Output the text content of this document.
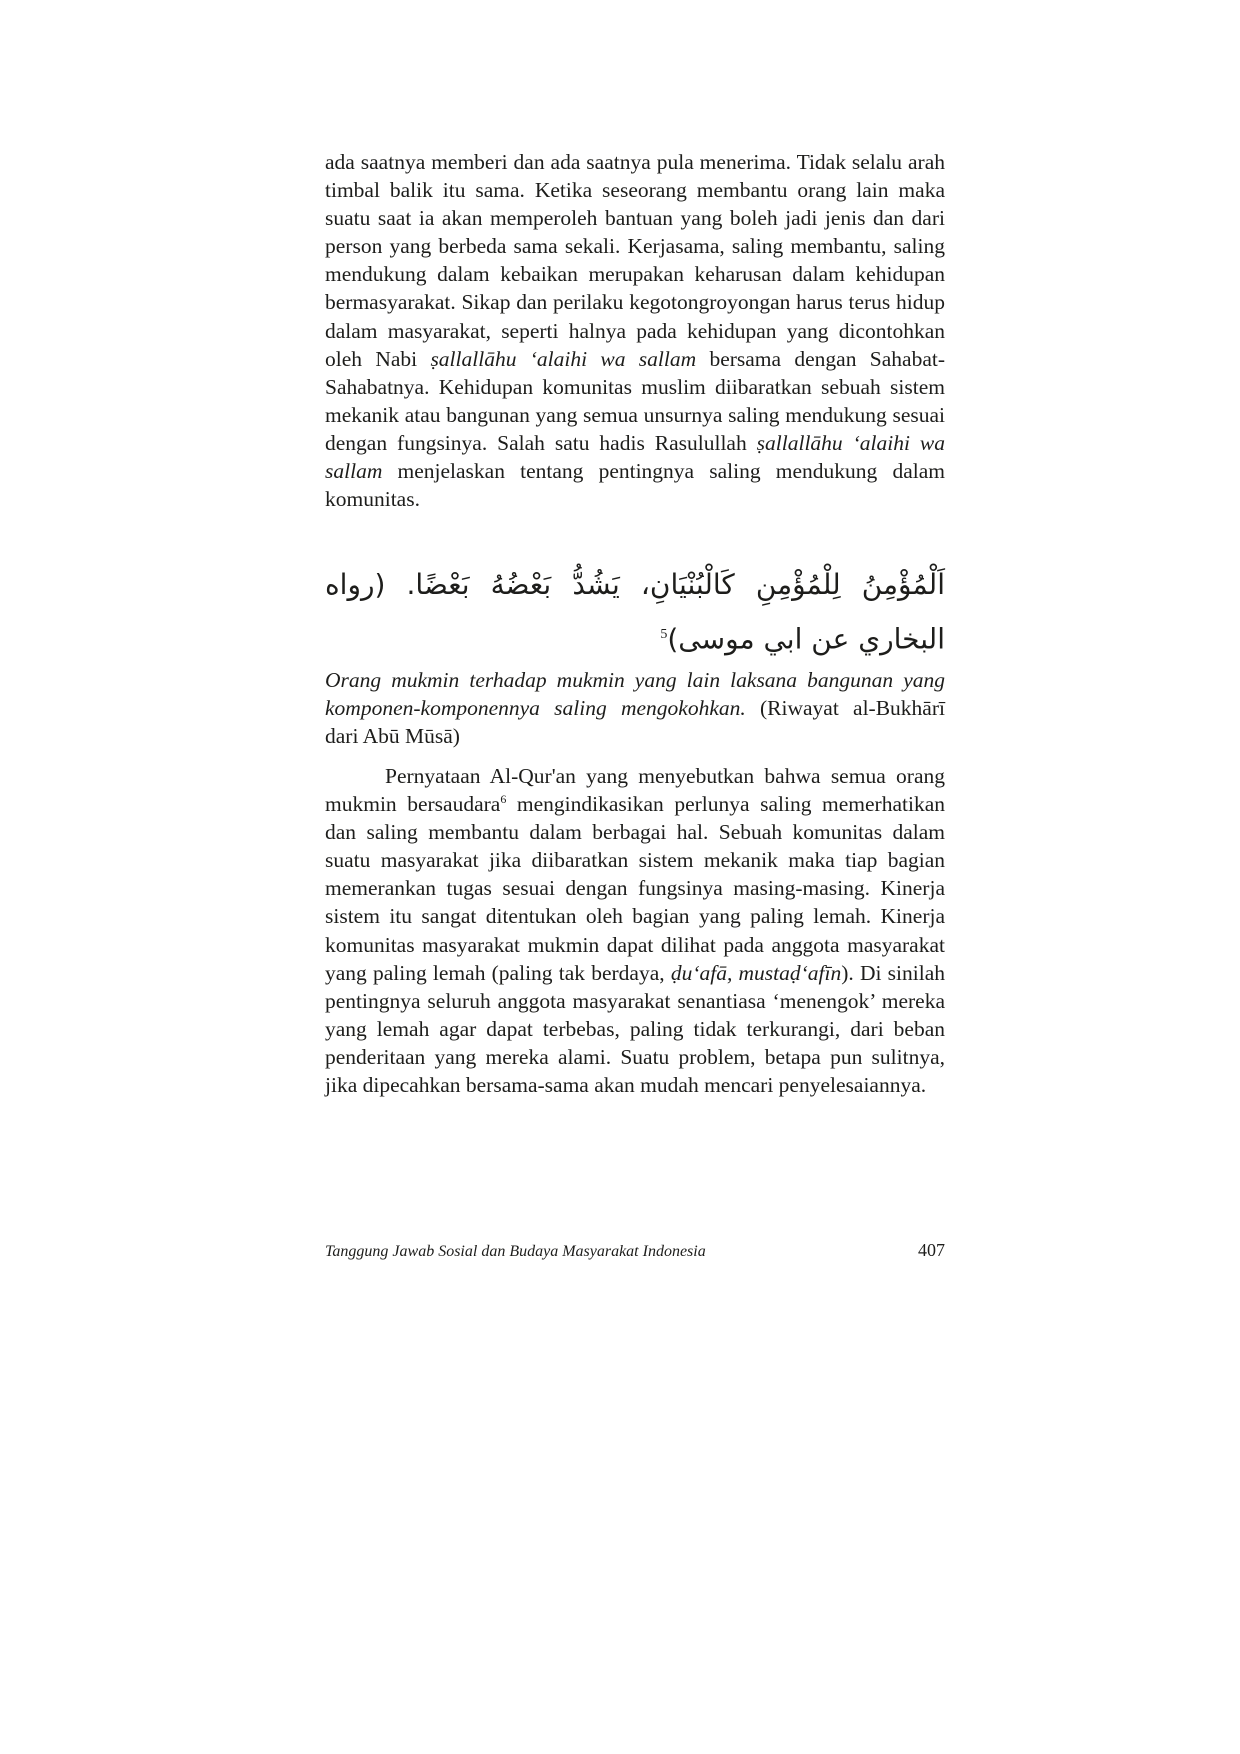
ada saatnya memberi dan ada saatnya pula menerima. Tidak selalu arah timbal balik itu sama. Ketika seseorang membantu orang lain maka suatu saat ia akan memperoleh bantuan yang boleh jadi jenis dan dari person yang berbeda sama sekali. Kerjasama, saling membantu, saling mendukung dalam kebaikan merupakan keharusan dalam kehidupan bermasyarakat. Sikap dan perilaku kegotongroyongan harus terus hidup dalam masyarakat, seperti halnya pada kehidupan yang dicontohkan oleh Nabi ṣallallāhu ‘alaihi wa sallam bersama dengan Sahabat-Sahabatnya. Kehidupan komunitas muslim diibaratkan sebuah sistem mekanik atau bangunan yang semua unsurnya saling mendukung sesuai dengan fungsinya. Salah satu hadis Rasulullah ṣallallāhu ‘alaihi wa sallam menjelaskan tentang pentingnya saling mendukung dalam komunitas.

اَلْمُؤْمِنُ لِلْمُؤْمِنِ كَالْبُنْيَانِ، يَشُدُّ بَعْضُهُ بَعْضًا. (رواه البخاري عن ابي موسى)$^5$

Orang mukmin terhadap mukmin yang lain laksana bangunan yang komponen-komponennya saling mengokohkan. (Riwayat al-Bukhārī dari Abū Mūsā)

Pernyataan Al-Qur'an yang menyebutkan bahwa semua orang mukmin bersaudara$^6$ mengindikasikan perlunya saling memerhatikan dan saling membantu dalam berbagai hal. Sebuah komunitas dalam suatu masyarakat jika diibaratkan sistem mekanik maka tiap bagian memerankan tugas sesuai dengan fungsinya masing-masing. Kinerja sistem itu sangat ditentukan oleh bagian yang paling lemah. Kinerja komunitas masyarakat mukmin dapat dilihat pada anggota masyarakat yang paling lemah (paling tak berdaya, ḍu‘afā, mustaḍ‘afīn). Di sinilah pentingnya seluruh anggota masyarakat senantiasa ‘menengok’ mereka yang lemah agar dapat terbebas, paling tidak terkurangi, dari beban penderitaan yang mereka alami. Suatu problem, betapa pun sulitnya, jika dipecahkan bersama-sama akan mudah mencari penyelesaiannya.

Tanggung Jawab Sosial dan Budaya Masyarakat Indonesia	407
